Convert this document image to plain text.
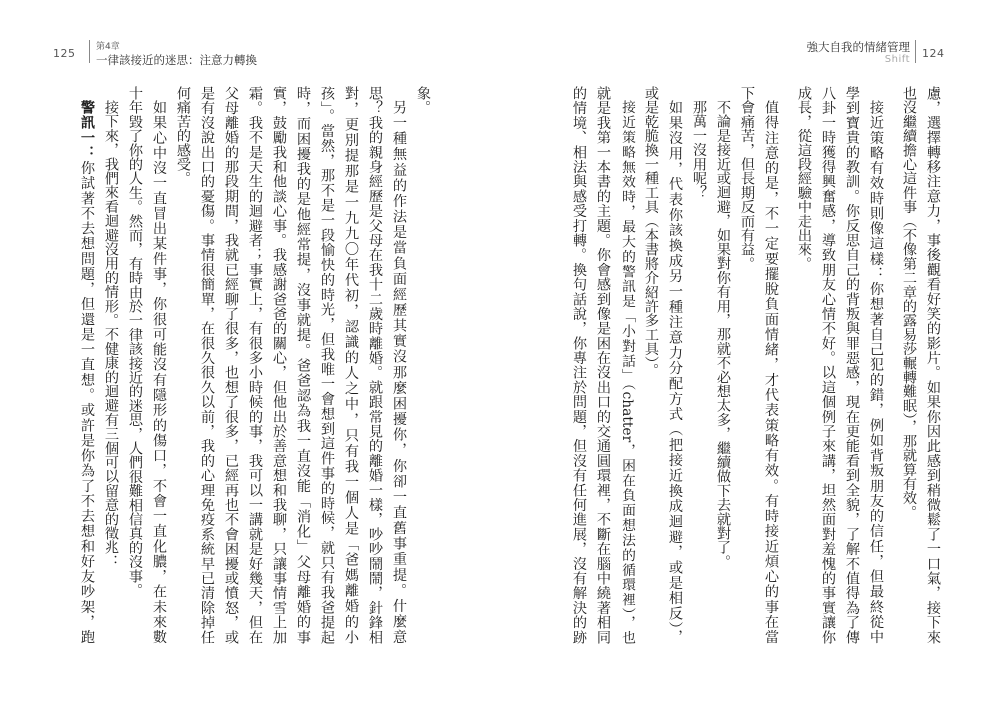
125 第4章
一律該接近的迷思：注意力轉換
強大自我的情緒管理
Shift 124

慮，選擇轉移注意力，事後觀看好笑的影片。如果你因此感到稍微鬆了一口氣，接下來

也沒繼續擔心這件事（不像第二章的露易莎輾轉難眠），那就算有效。

接近策略有效時則像這樣：你想著自己犯的錯，例如背叛朋友的信任，但最終從中

學到寶貴的教訓。你反思自己的背叛與罪惡感，現在更能看到全貌，了解不值得為了傳

八卦一時獲得興奮感，導致朋友心情不好。以這個例子來講，坦然面對羞愧的事實讓你

成長，從這段經驗中走出來。

值得注意的是，不一定要擺脫負面情緒，才代表策略有效。有時接近煩心的事在當

下會痛苦，但長期反而有益。

不論是接近或迴避，如果對你有用，那就不必想太多，繼續做下去就對了。

那萬一沒用呢？

如果沒用，代表你該換成另一種注意力分配方式（把接近換成迴避，或是相反），

或是乾脆換一種工具（本書將介紹許多工具）。

接近策略無效時，最大的警訊是「小對話」（chatter，困在負面想法的循環裡），也

就是我第一本書的主題。你會感到像是困在沒出口的交通圓環裡，不斷在腦中繞著相同

的情境、相法與感受打轉。換句話說，你專注於問題，但沒有任何進展，沒有解決的跡

象。

另一種無益的作法是當負面經歷其實沒那麼困擾你，你卻一直舊事重提。什麼意

思？我的親身經歷是父母在我十二歲時離婚。就跟常見的離婚一樣，吵吵鬧鬧，針鋒相

對，更別提那是一九九〇年代初，認識的人之中，只有我一個人是「爸媽離婚的小

孩」。當然，那不是一段愉快的時光，但我唯一會想到這件事的時候，就只有我爸提起

時，而困擾我的是他經常提，沒事就提。爸爸認為我一直沒能「消化」父母離婚的事

實，鼓勵我和他談心事。我感謝爸爸的關心，但他出於善意想和我聊，只讓事情雪上加

霜。我不是天生的迴避者；事實上，有很多小時候的事，我可以一講就是好幾天，但在

父母離婚的那段期間，我就已經聊了很多，也想了很多，已經再也不會困擾或憤怒，或

是有沒說出口的憂傷。事情很簡單，在很久很久以前，我的心理免疫系統早已清除掉任

何痛苦的感受。

如果心中沒一直冒出某件事，你很可能沒有隱形的傷口，不會一直化膿，在未來數

十年毀了你的人生。然而，有時由於一律該接近的迷思，人們很難相信真的沒事。

接下來，我們來看迴避沒用的情形。不健康的迴避有三個可以留意的徵兆：

警訊一：你試著不去想問題，但還是一直想。或許是你為了不去想和好友吵架，跑
